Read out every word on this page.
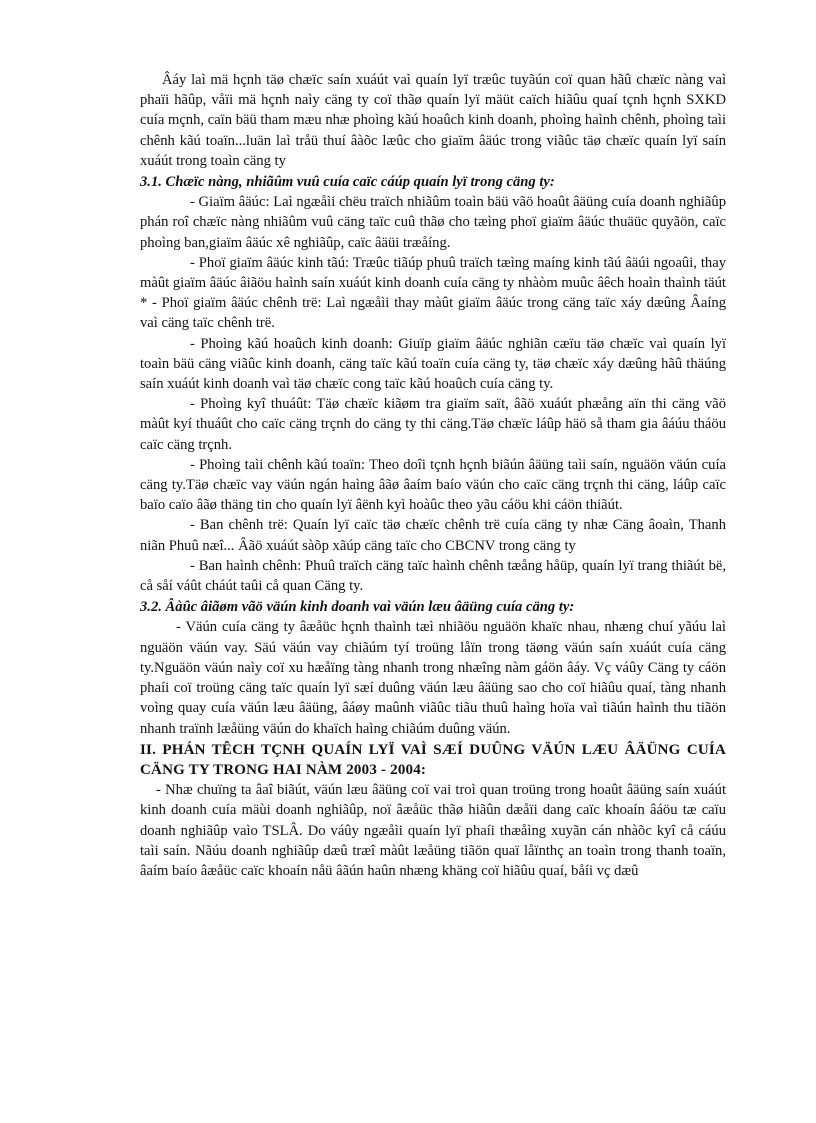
Âáy laì mä hçnh täø chæïc saín xuáút vaì quaín lyï træûc tuyãún coï quan hãû chæïc nàng vaì phaïi hãûp, våïi mä hçnh naìy cäng ty coï thãø quaín lyï mäüt caïch hiãûu quaí tçnh hçnh SXKD cuía mçnh, caïn bäü tham mæu nhæ phoìng kãú hoaûch kinh doanh, phoìng haình chênh, phoìng taìi chênh kãú toaïn...luän laì tråü thuí âàõc læûc cho giaïm âäúc trong viãûc täø chæïc quaín lyï saín xuáút trong toaìn cäng ty

3.1. Chæïc nàng, nhiãûm vuû cuía caïc cáúp quaín lyï trong cäng ty:

- Giaïm âäúc: Laì ngæåìi chëu traïch nhiãûm toaìn bäü vãö hoaût âäüng cuía doanh nghiãûp phán roî chæïc nàng nhiãûm vuû cäng taïc cuû thãø cho tæìng phoï giaïm âäúc thuäüc quyãön, caïc phoìng ban,giaïm âäúc xê nghiãûp, caïc âäüi træåíng.

- Phoï giaïm âäúc kinh tãú: Træûc tiãúp phuû traïch tæìng maíng kinh tãú âäúi ngoaûi, thay màût giaïm âäúc âiãöu haình saín xuáút kinh doanh cuía cäng ty nhàòm muûc âêch hoaìn thaình täút * - Phoï giaïm âäúc chênh trë: Laì ngæåìi thay màût giaïm âäúc trong cäng taïc xáy dæûng Âaíng vaì cäng taïc chênh trë.

- Phoìng kãú hoaûch kinh doanh: Giuïp giaïm âäúc nghiãn cæïu täø chæïc vaì quaín lyï toaìn bäü cäng viãûc kinh doanh, cäng taïc kãú toaïn cuía cäng ty, täø chæïc xáy dæûng hãû thäúng saín xuáút kinh doanh vaì täø chæïc cong taïc kãú hoaûch cuía cäng ty.

- Phoìng kyî thuáût: Täø chæïc kiãøm tra giaïm saït, âãö xuáút phæång aïn thi cäng vãö màût kyí thuáût cho caïc cäng trçnh do cäng ty thi cäng.Täø chæïc láûp häö så tham gia âáúu tháöu caïc cäng trçnh.

- Phoìng taìi chênh kãú toaïn: Theo doîi tçnh hçnh biãún âäüng taìi saín, nguäön väún cuía cäng ty.Täø chæïc vay väún ngán haìng âãø âaím baío väún cho caïc cäng trçnh thi cäng, láûp caïc baïo caïo âãø thäng tin cho quaín lyï âënh kyì hoàûc theo yãu cáöu khi cáön thiãút.

- Ban chênh trë: Quaín lyï caïc täø chæïc chênh trë cuía cäng ty nhæ Cäng âoaìn, Thanh niãn Phuû næî... Âãö xuáút sàõp xãúp cäng taïc cho CBCNV trong cäng ty

- Ban haình chênh: Phuû traïch cäng taïc haình chênh tæång håüp, quaín lyï trang thiãút bë, cå såí váût cháút taûi cå quan Cäng ty.

3.2. Âàûc âiãøm vãö väún kinh doanh vaì väún læu âäüng cuía cäng ty:

- Väún cuía cäng ty âæåüc hçnh thaình tæì nhiãöu nguäön khaïc nhau, nhæng chuí yãúu laì nguäön väún vay. Säú väún vay chiãúm tyí troüng låïn trong täøng väún saín xuáút cuía cäng ty.Nguäön väún naìy coï xu hæåïng tàng nhanh trong nhæîng nàm gáön âáy. Vç váûy Cäng ty cáön phaíi coï troüng cäng taïc quaín lyï sæí duûng väún læu âäüng sao cho coï hiãûu quaí, tàng nhanh voìng quay cuía väún læu âäüng, âáøy maûnh viãûc tiãu thuû haìng hoïa vaì tiãún haình thu tiãön nhanh traïnh læåüng väún do khaïch haìng chiãúm duûng väún.

II. PHÁN TÊCH TÇNH QUAÍN LYÏ VAÌ SÆÍ DUÛNG VÄÚN LÆU ÂÄÜNG CUÍA CÄNG TY TRONG HAI NÀM 2003 - 2004:

- Nhæ chuïng ta âaî biãút, väún læu âäüng coï vai troì quan troüng trong hoaût âäüng saín xuáút kinh doanh cuía mäùi doanh nghiãûp, noï âæåüc thãø hiãûn dæåïi dang caïc khoaín âáöu tæ caïu doanh nghiãûp vaìo TSLÂ. Do váûy ngæåìi quaín lyï phaíi thæåìng xuyãn cán nhàõc kyî cå cáúu taìi saín. Nãúu doanh nghiãûp dæû træî màût læåüng tiãön quaï låïnthç an toaìn trong thanh toaïn, âaím baío âæåüc caïc khoaín nåü âãún haûn nhæng khäng coï hiãûu quaí, båíi vç dæû
